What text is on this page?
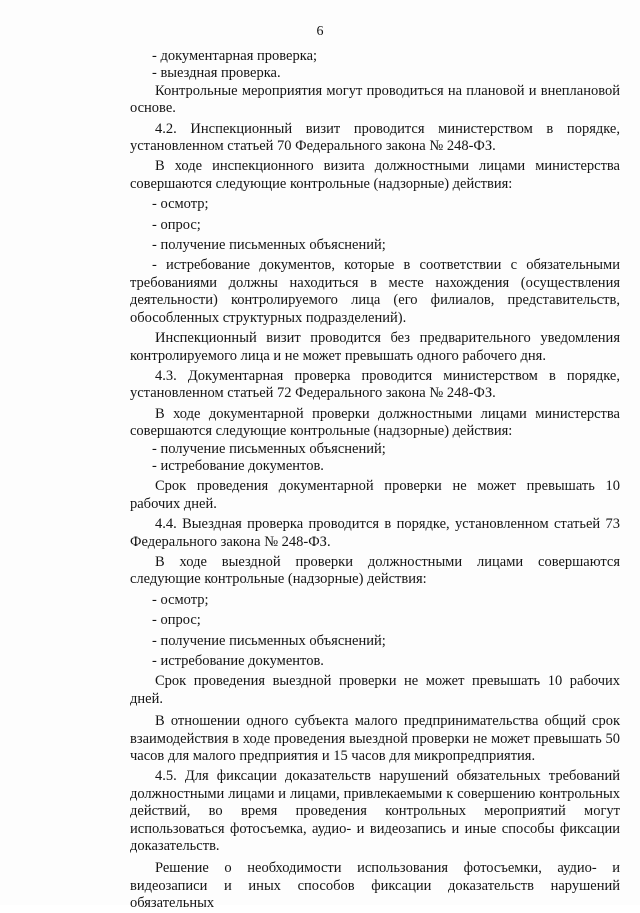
6

- документарная проверка;

- выездная проверка.

Контрольные мероприятия могут проводиться на плановой и внеплановой основе.

4.2. Инспекционный визит проводится министерством в порядке, установленном статьей 70 Федерального закона № 248-ФЗ.

В ходе инспекционного визита должностными лицами министерства совершаются следующие контрольные (надзорные) действия:

- осмотр;

- опрос;

- получение письменных объяснений;

- истребование документов, которые в соответствии с обязательными требованиями должны находиться в месте нахождения (осуществления деятельности) контролируемого лица (его филиалов, представительств, обособленных структурных подразделений).

Инспекционный визит проводится без предварительного уведомления контролируемого лица и не может превышать одного рабочего дня.

4.3. Документарная проверка проводится министерством в порядке, установленном статьей 72 Федерального закона № 248-ФЗ.

В ходе документарной проверки должностными лицами министерства совершаются следующие контрольные (надзорные) действия:

- получение письменных объяснений;

- истребование документов.

Срок проведения документарной проверки не может превышать 10 рабочих дней.

4.4. Выездная проверка проводится в порядке, установленном статьей 73 Федерального закона № 248-ФЗ.

В ходе выездной проверки должностными лицами совершаются следующие контрольные (надзорные) действия:

- осмотр;

- опрос;

- получение письменных объяснений;

- истребование документов.

Срок проведения выездной проверки не может превышать 10 рабочих дней.

В отношении одного субъекта малого предпринимательства общий срок взаимодействия в ходе проведения выездной проверки не может превышать 50 часов для малого предприятия и 15 часов для микропредприятия.

4.5. Для фиксации доказательств нарушений обязательных требований должностными лицами и лицами, привлекаемыми к совершению контрольных действий, во время проведения контрольных мероприятий могут использоваться фотосъемка, аудио- и видеозапись и иные способы фиксации доказательств.

Решение о необходимости использования фотосъемки, аудио- и видеозаписи и иных способов фиксации доказательств нарушений обязательных
